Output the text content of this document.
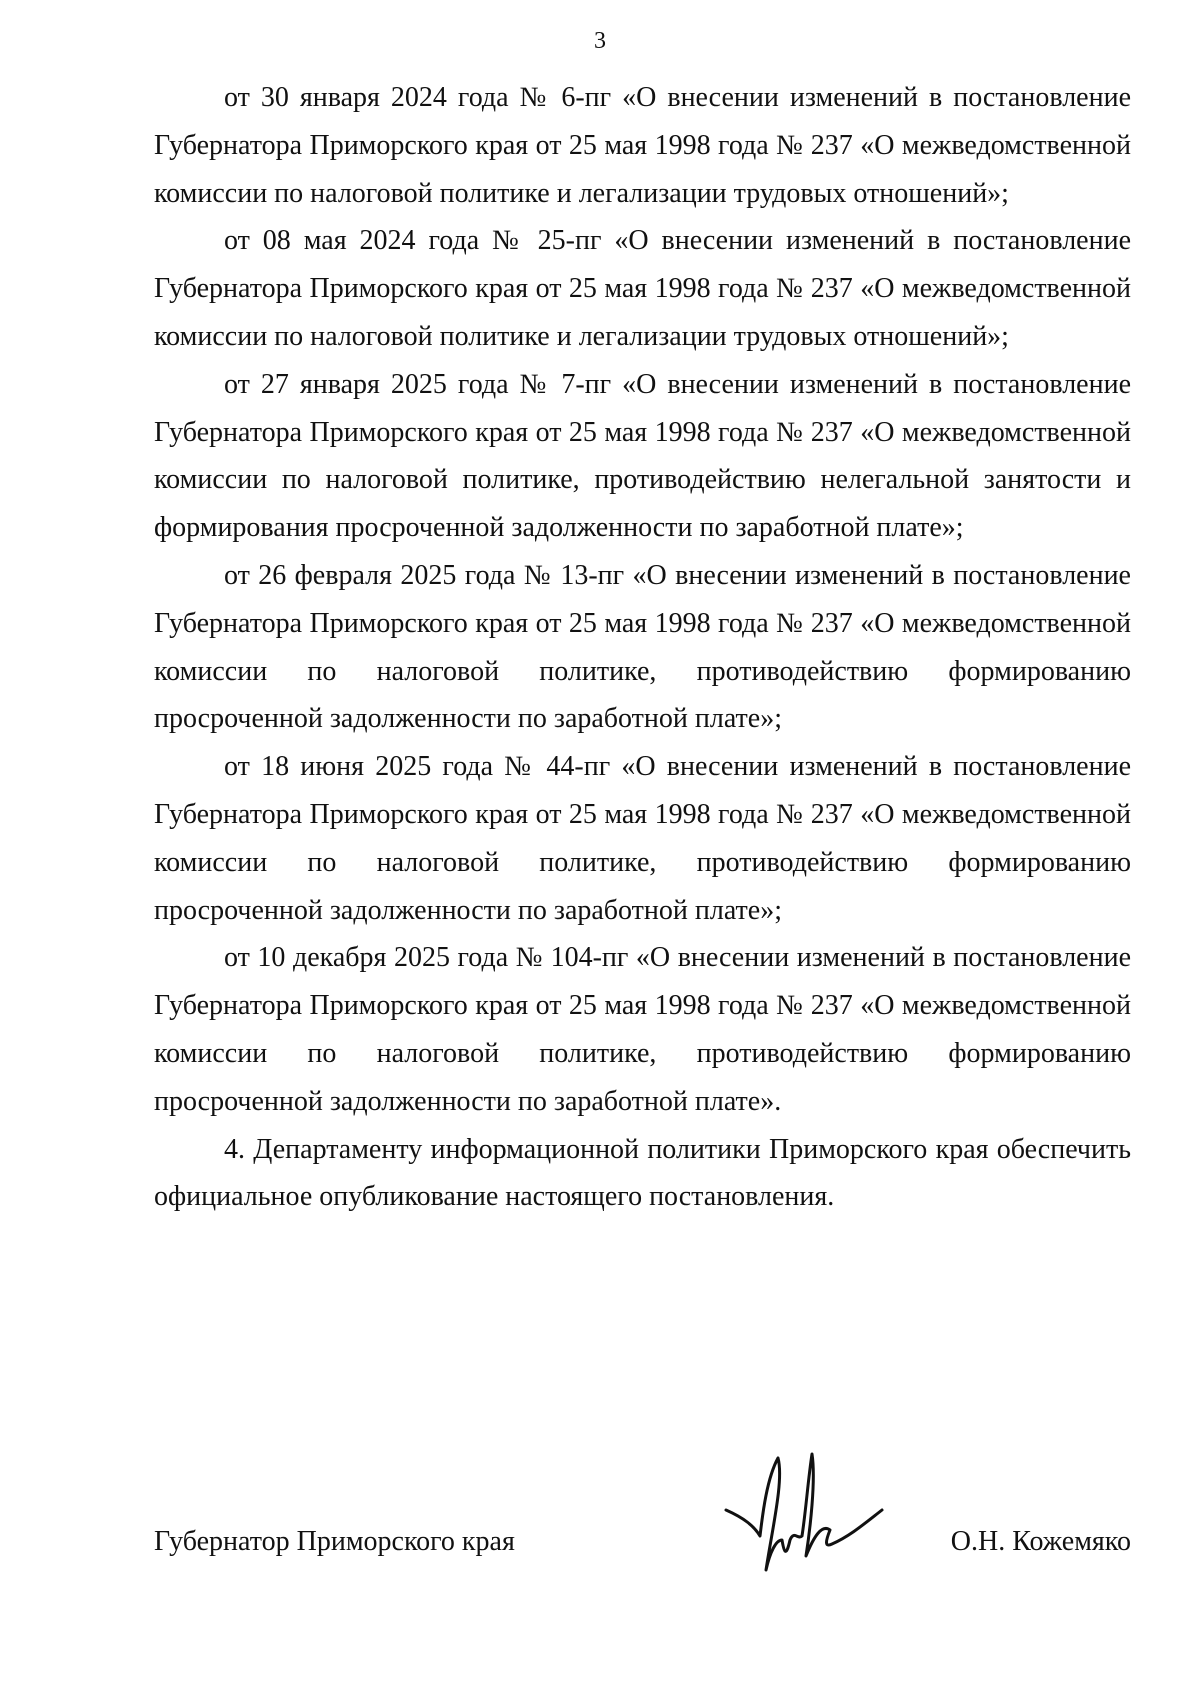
3

от 30 января 2024 года № 6-пг «О внесении изменений в постановление Губернатора Приморского края от 25 мая 1998 года № 237 «О межведомственной комиссии по налоговой политике и легализации трудовых отношений»;

от 08 мая 2024 года № 25-пг «О внесении изменений в постановление Губернатора Приморского края от 25 мая 1998 года № 237 «О межведомственной комиссии по налоговой политике и легализации трудовых отношений»;

от 27 января 2025 года № 7-пг «О внесении изменений в постановление Губернатора Приморского края от 25 мая 1998 года № 237 «О межведомственной комиссии по налоговой политике, противодействию нелегальной занятости и формирования просроченной задолженности по заработной плате»;

от 26 февраля 2025 года № 13-пг «О внесении изменений в постановление Губернатора Приморского края от 25 мая 1998 года № 237 «О межведомственной комиссии по налоговой политике, противодействию формированию просроченной задолженности по заработной плате»;

от 18 июня 2025 года № 44-пг «О внесении изменений в постановление Губернатора Приморского края от 25 мая 1998 года № 237 «О межведомственной комиссии по налоговой политике, противодействию формированию просроченной задолженности по заработной плате»;

от 10 декабря 2025 года № 104-пг «О внесении изменений в постановление Губернатора Приморского края от 25 мая 1998 года № 237 «О межведомственной комиссии по налоговой политике, противодействию формированию просроченной задолженности по заработной плате».

4. Департаменту информационной политики Приморского края обеспечить официальное опубликование настоящего постановления.

Губернатор Приморского края	О.Н. Кожемяко
